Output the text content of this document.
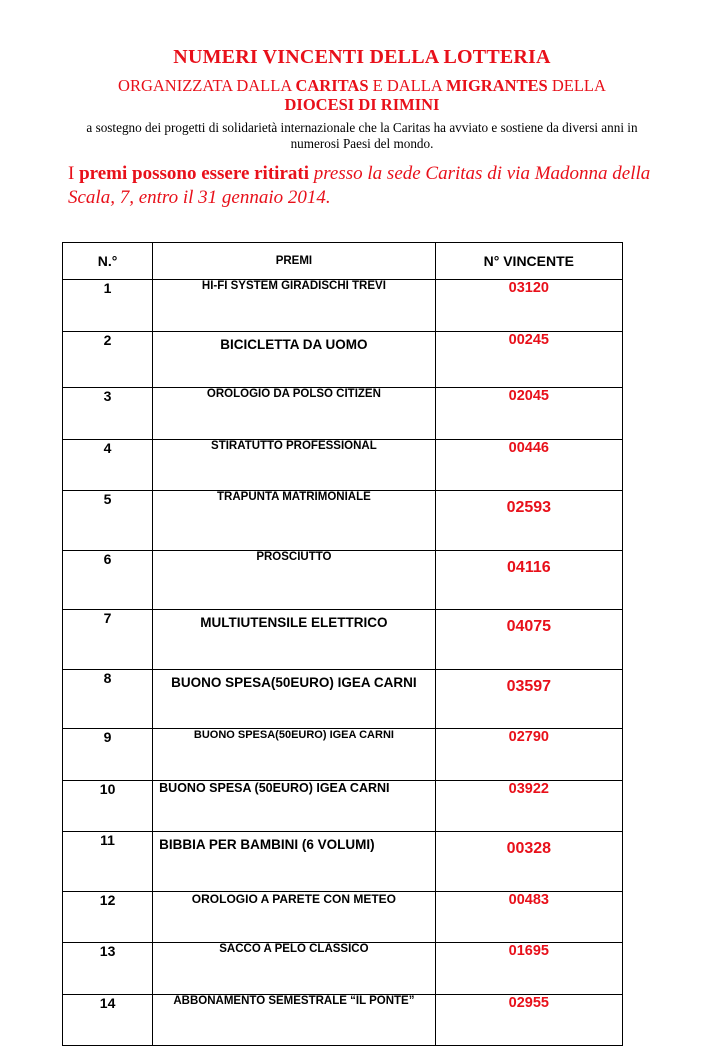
NUMERI VINCENTI DELLA LOTTERIA
ORGANIZZATA DALLA CARITAS E DALLA MIGRANTES DELLA
DIOCESI DI RIMINI
a sostegno dei progetti di solidarietà internazionale che la Caritas ha avviato e sostiene da diversi anni in numerosi Paesi del mondo.
I premi possono essere ritirati presso la sede Caritas di via Madonna della Scala, 7, entro il 31 gennaio 2014.
N.°	PREMI	N° VINCENTE
1	HI-FI SYSTEM GIRADISCHI TREVI	03120
2	BICICLETTA DA UOMO	00245
3	OROLOGIO DA POLSO CITIZEN	02045
4	STIRATUTTO PROFESSIONAL	00446
5	TRAPUNTA MATRIMONIALE	02593
6	PROSCIUTTO	04116
7	MULTIUTENSILE ELETTRICO	04075
8	BUONO SPESA(50EURO) IGEA CARNI	03597
9	BUONO SPESA(50EURO) IGEA CARNI	02790
10	BUONO SPESA (50EURO) IGEA CARNI	03922
11	BIBBIA PER BAMBINI (6 VOLUMI)	00328
12	OROLOGIO A PARETE CON METEO	00483
13	SACCO A PELO CLASSICO	01695
14	ABBONAMENTO SEMESTRALE “IL PONTE”	02955
